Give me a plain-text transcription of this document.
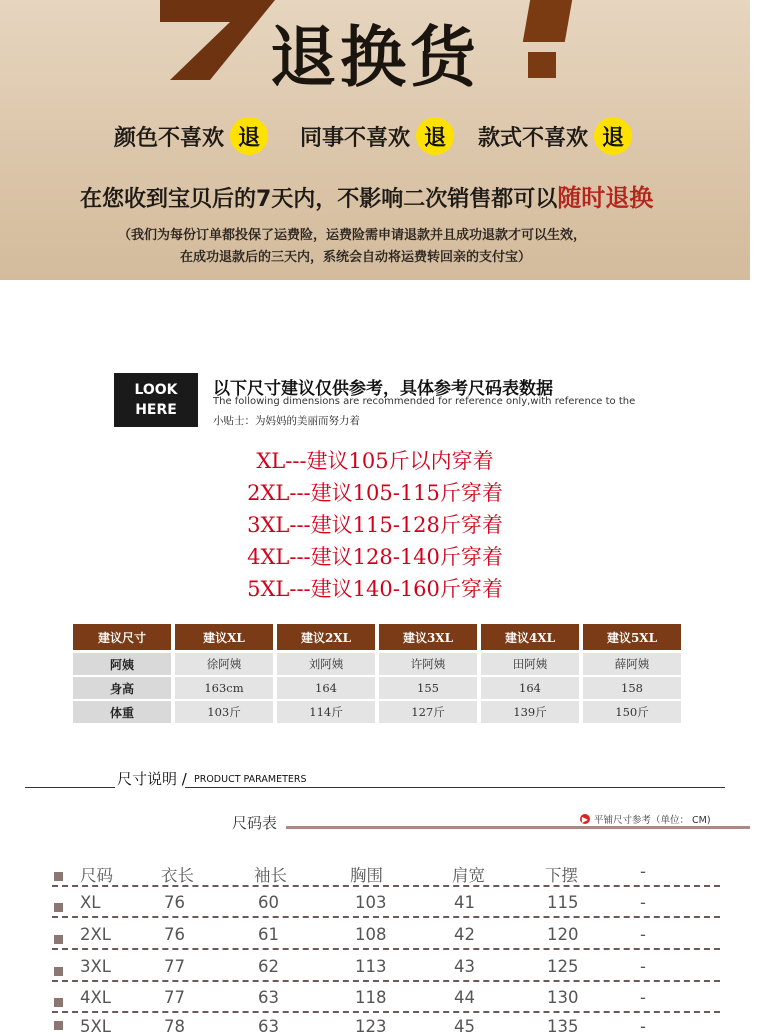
退换货
颜色不喜欢 退	同事不喜欢 退	款式不喜欢 退
在您收到宝贝后的7天内，不影响二次销售都可以随时退换
（我们为每份订单都投保了运费险，运费险需申请退款并且成功退款才可以生效，
在成功退款后的三天内，系统会自动将运费转回亲的支付宝）
LOOK
HERE
以下尺寸建议仅供参考，具体参考尺码表数据
The following dimensions are recommended for reference only,with reference to the
小贴士：为妈妈的美丽而努力着
XL---建议105斤以内穿着
2XL---建议105-115斤穿着
3XL---建议115-128斤穿着
4XL---建议128-140斤穿着
5XL---建议140-160斤穿着
建议尺寸	建议XL	建议2XL	建议3XL	建议4XL	建议5XL
阿姨	徐阿姨	刘阿姨	许阿姨	田阿姨	薛阿姨
身高	163cm	164	155	164	158
体重	103斤	114斤	127斤	139斤	150斤
尺寸说明 / PRODUCT PARAMETERS
尺码表	▶ 平铺尺寸参考（单位： CM)
尺码	衣长	袖长	胸围	肩宽	下摆	-
XL	76	60	103	41	115	-
2XL	76	61	108	42	120	-
3XL	77	62	113	43	125	-
4XL	77	63	118	44	130	-
5XL	78	63	123	45	135	-
